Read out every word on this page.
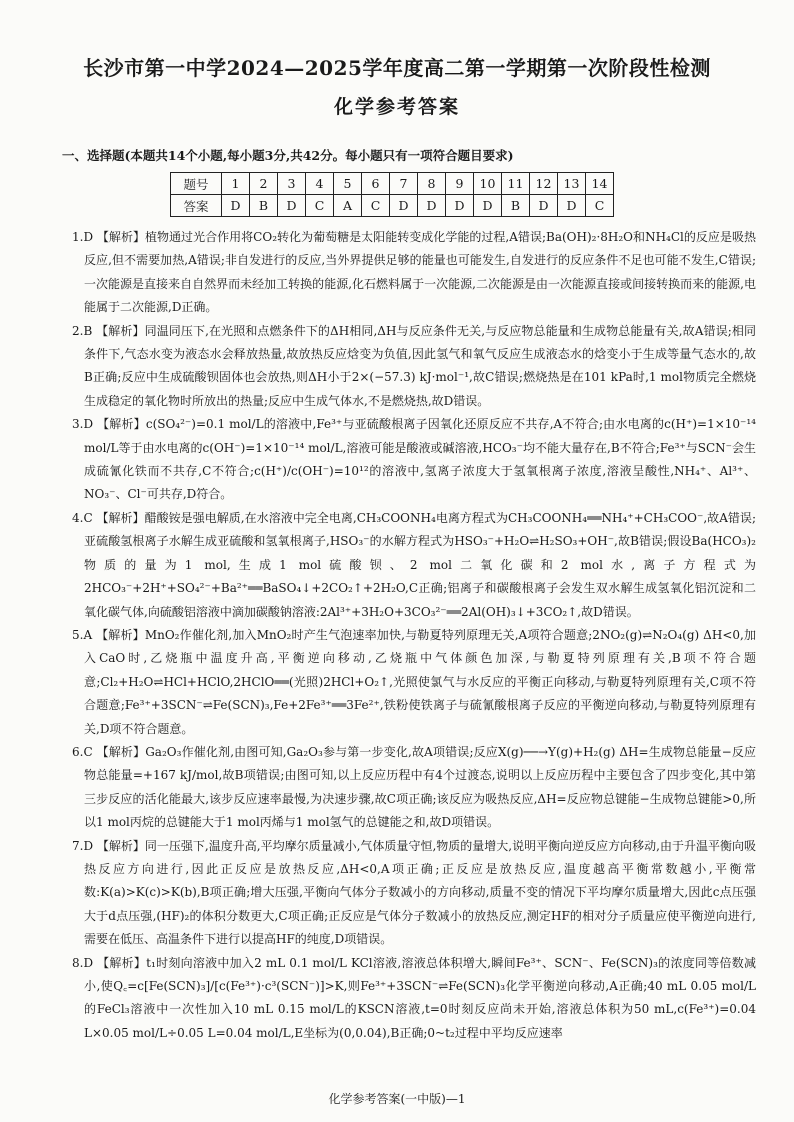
长沙市第一中学2024—2025学年度高二第一学期第一次阶段性检测
化学参考答案
一、选择题(本题共14个小题,每小题3分,共42分。每小题只有一项符合题目要求)
题号	1	2	3	4	5	6	7	8	9	10	11	12	13	14
答案	D	B	D	C	A	C	D	D	D	D	B	D	D	C

1.D 【解析】植物通过光合作用将CO₂转化为葡萄糖是太阳能转变成化学能的过程,A错误;Ba(OH)₂·8H₂O和NH₄Cl的反应是吸热反应,但不需要加热,A错误;非自发进行的反应,当外界提供足够的能量也可能发生,自发进行的反应条件不足也可能不发生,C错误;一次能源是直接来自自然界而未经加工转换的能源,化石燃料属于一次能源,二次能源是由一次能源直接或间接转换而来的能源,电能属于二次能源,D正确。

2.B 【解析】同温同压下,在光照和点燃条件下的ΔH相同,ΔH与反应条件无关,与反应物总能量和生成物总能量有关,故A错误;相同条件下,气态水变为液态水会释放热量,故放热反应焓变为负值,因此氢气和氧气反应生成液态水的焓变小于生成等量气态水的,故B正确;反应中生成硫酸钡固体也会放热,则ΔH小于2×(−57.3) kJ·mol⁻¹,故C错误;燃烧热是在101 kPa时,1 mol物质完全燃烧生成稳定的氧化物时所放出的热量;反应中生成气体水,不是燃烧热,故D错误。

3.D 【解析】c(SO₄²⁻)=0.1 mol/L的溶液中,Fe³⁺与亚硫酸根离子因氧化还原反应不共存,A不符合;由水电离的c(H⁺)=1×10⁻¹⁴ mol/L等于由水电离的c(OH⁻)=1×10⁻¹⁴ mol/L,溶液可能是酸液或碱溶液,HCO₃⁻均不能大量存在,B不符合;Fe³⁺与SCN⁻会生成硫氰化铁而不共存,C不符合;c(H⁺)/c(OH⁻)=10¹²的溶液中,氢离子浓度大于氢氧根离子浓度,溶液呈酸性,NH₄⁺、Al³⁺、NO₃⁻、Cl⁻可共存,D符合。

4.C 【解析】醋酸铵是强电解质,在水溶液中完全电离,CH₃COONH₄电离方程式为CH₃COONH₄══NH₄⁺+CH₃COO⁻,故A错误;亚硫酸氢根离子水解生成亚硫酸和氢氧根离子,HSO₃⁻的水解方程式为HSO₃⁻+H₂O⇌H₂SO₃+OH⁻,故B错误;假设Ba(HCO₃)₂物质的量为1 mol,生成1 mol硫酸钡、2 mol二氧化碳和2 mol水,离子方程式为2HCO₃⁻+2H⁺+SO₄²⁻+Ba²⁺══BaSO₄↓+2CO₂↑+2H₂O,C正确;铝离子和碳酸根离子会发生双水解生成氢氧化铝沉淀和二氧化碳气体,向硫酸铝溶液中滴加碳酸钠溶液:2Al³⁺+3H₂O+3CO₃²⁻══2Al(OH)₃↓+3CO₂↑,故D错误。

5.A 【解析】MnO₂作催化剂,加入MnO₂时产生气泡速率加快,与勒夏特列原理无关,A项符合题意;2NO₂(g)⇌N₂O₄(g) ΔH<0,加入CaO时,乙烧瓶中温度升高,平衡逆向移动,乙烧瓶中气体颜色加深,与勒夏特列原理有关,B项不符合题意;Cl₂+H₂O⇌HCl+HClO,2HClO══(光照)2HCl+O₂↑,光照使氯气与水反应的平衡正向移动,与勒夏特列原理有关,C项不符合题意;Fe³⁺+3SCN⁻⇌Fe(SCN)₃,Fe+2Fe³⁺══3Fe²⁺,铁粉使铁离子与硫氰酸根离子反应的平衡逆向移动,与勒夏特列原理有关,D项不符合题意。

6.C 【解析】Ga₂O₃作催化剂,由图可知,Ga₂O₃参与第一步变化,故A项错误;反应X(g)──→Y(g)+H₂(g) ΔH=生成物总能量−反应物总能量=+167 kJ/mol,故B项错误;由图可知,以上反应历程中有4个过渡态,说明以上反应历程中主要包含了四步变化,其中第三步反应的活化能最大,该步反应速率最慢,为决速步骤,故C项正确;该反应为吸热反应,ΔH=反应物总键能−生成物总键能>0,所以1 mol丙烷的总键能大于1 mol丙烯与1 mol氢气的总键能之和,故D项错误。

7.D 【解析】同一压强下,温度升高,平均摩尔质量减小,气体质量守恒,物质的量增大,说明平衡向逆反应方向移动,由于升温平衡向吸热反应方向进行,因此正反应是放热反应,ΔH<0,A项正确;正反应是放热反应,温度越高平衡常数越小,平衡常数:K(a)>K(c)>K(b),B项正确;增大压强,平衡向气体分子数减小的方向移动,质量不变的情况下平均摩尔质量增大,因此c点压强大于d点压强,(HF)₂的体积分数更大,C项正确;正反应是气体分子数减小的放热反应,测定HF的相对分子质量应使平衡逆向进行,需要在低压、高温条件下进行以提高HF的纯度,D项错误。

8.D 【解析】t₁时刻向溶液中加入2 mL 0.1 mol/L KCl溶液,溶液总体积增大,瞬间Fe³⁺、SCN⁻、Fe(SCN)₃的浓度同等倍数减小,使Q꜀=c[Fe(SCN)₃]/[c(Fe³⁺)·c³(SCN⁻)]>K,则Fe³⁺+3SCN⁻⇌Fe(SCN)₃化学平衡逆向移动,A正确;40 mL 0.05 mol/L的FeCl₃溶液中一次性加入10 mL 0.15 mol/L的KSCN溶液,t=0时刻反应尚未开始,溶液总体积为50 mL,c(Fe³⁺)=0.04 L×0.05 mol/L÷0.05 L=0.04 mol/L,E坐标为(0,0.04),B正确;0~t₂过程中平均反应速率

化学参考答案(一中版)—1
